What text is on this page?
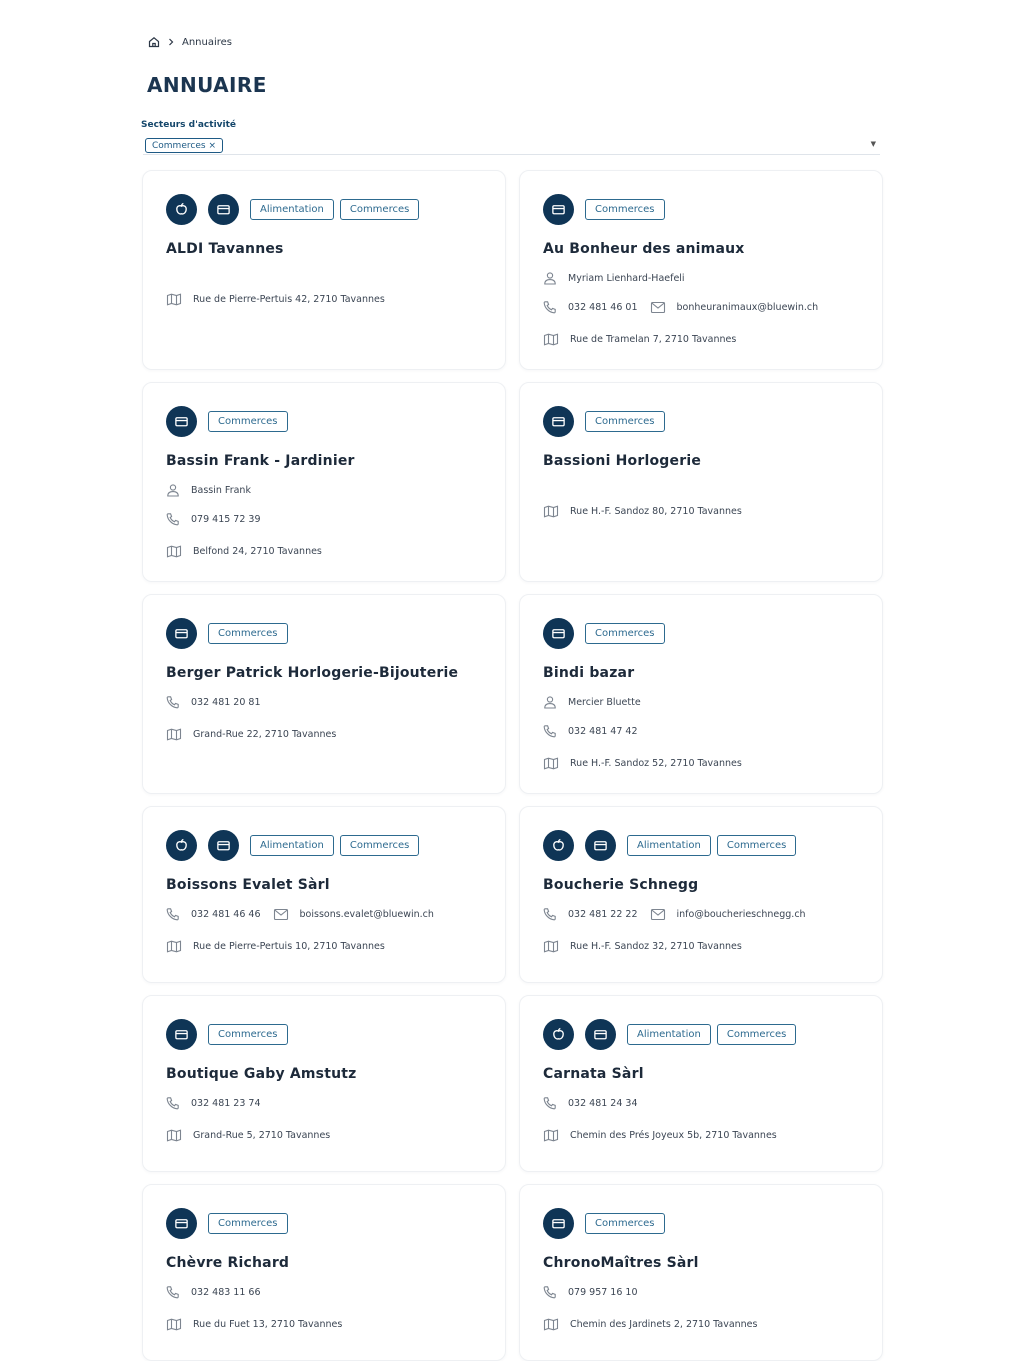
Annuaires
ANNUAIRE
Secteurs d'activité
Commerces ×	▼
Alimentation	Commerces
ALDI Tavannes
Rue de Pierre-Pertuis 42, 2710 Tavannes
Commerces
Au Bonheur des animaux
Myriam Lienhard-Haefeli
032 481 46 01	bonheuranimaux@bluewin.ch
Rue de Tramelan 7, 2710 Tavannes
Commerces
Bassin Frank - Jardinier
Bassin Frank
079 415 72 39
Belfond 24, 2710 Tavannes
Commerces
Bassioni Horlogerie
Rue H.-F. Sandoz 80, 2710 Tavannes
Commerces
Berger Patrick Horlogerie-Bijouterie
032 481 20 81
Grand-Rue 22, 2710 Tavannes
Commerces
Bindi bazar
Mercier Bluette
032 481 47 42
Rue H.-F. Sandoz 52, 2710 Tavannes
Alimentation	Commerces
Boissons Evalet Sàrl
032 481 46 46	boissons.evalet@bluewin.ch
Rue de Pierre-Pertuis 10, 2710 Tavannes
Alimentation	Commerces
Boucherie Schnegg
032 481 22 22	info@boucherieschnegg.ch
Rue H.-F. Sandoz 32, 2710 Tavannes
Commerces
Boutique Gaby Amstutz
032 481 23 74
Grand-Rue 5, 2710 Tavannes
Alimentation	Commerces
Carnata Sàrl
032 481 24 34
Chemin des Prés Joyeux 5b, 2710 Tavannes
Commerces
Chèvre Richard
032 483 11 66
Rue du Fuet 13, 2710 Tavannes
Commerces
ChronoMaîtres Sàrl
079 957 16 10
Chemin des Jardinets 2, 2710 Tavannes
